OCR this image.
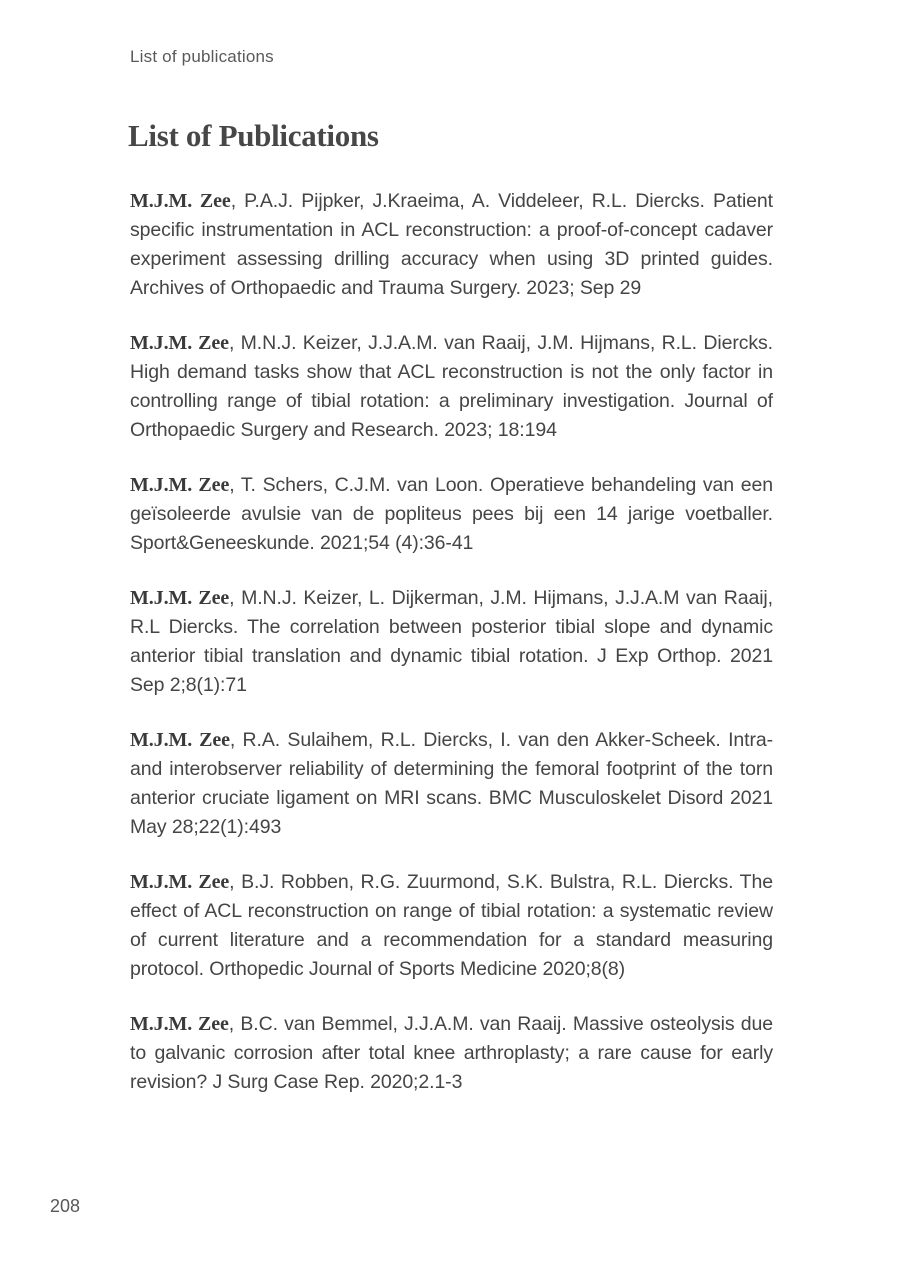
List of publications
List of Publications

M.J.M. Zee, P.A.J. Pijpker, J.Kraeima, A. Viddeleer, R.L. Diercks. Patient specific instrumentation in ACL reconstruction: a proof-of-concept cadaver experiment assessing drilling accuracy when using 3D printed guides. Archives of Orthopaedic and Trauma Surgery. 2023; Sep 29

M.J.M. Zee, M.N.J. Keizer, J.J.A.M. van Raaij, J.M. Hijmans, R.L. Diercks. High demand tasks show that ACL reconstruction is not the only factor in controlling range of tibial rotation: a preliminary investigation. Journal of Orthopaedic Surgery and Research. 2023; 18:194

M.J.M. Zee, T. Schers, C.J.M. van Loon. Operatieve behandeling van een geïsoleerde avulsie van de popliteus pees bij een 14 jarige voetballer. Sport&Geneeskunde. 2021;54 (4):36-41

M.J.M. Zee, M.N.J. Keizer, L. Dijkerman, J.M. Hijmans, J.J.A.M van Raaij, R.L Diercks. The correlation between posterior tibial slope and dynamic anterior tibial translation and dynamic tibial rotation. J Exp Orthop. 2021 Sep 2;8(1):71

M.J.M. Zee, R.A. Sulaihem, R.L. Diercks, I. van den Akker-Scheek. Intra- and interobserver reliability of determining the femoral footprint of the torn anterior cruciate ligament on MRI scans. BMC Musculoskelet Disord 2021 May 28;22(1):493

M.J.M. Zee, B.J. Robben, R.G. Zuurmond, S.K. Bulstra, R.L. Diercks. The effect of ACL reconstruction on range of tibial rotation: a systematic review of current literature and a recommendation for a standard measuring protocol. Orthopedic Journal of Sports Medicine 2020;8(8)

M.J.M. Zee, B.C. van Bemmel, J.J.A.M. van Raaij. Massive osteolysis due to galvanic corrosion after total knee arthroplasty; a rare cause for early revision? J Surg Case Rep. 2020;2.1-3

208
